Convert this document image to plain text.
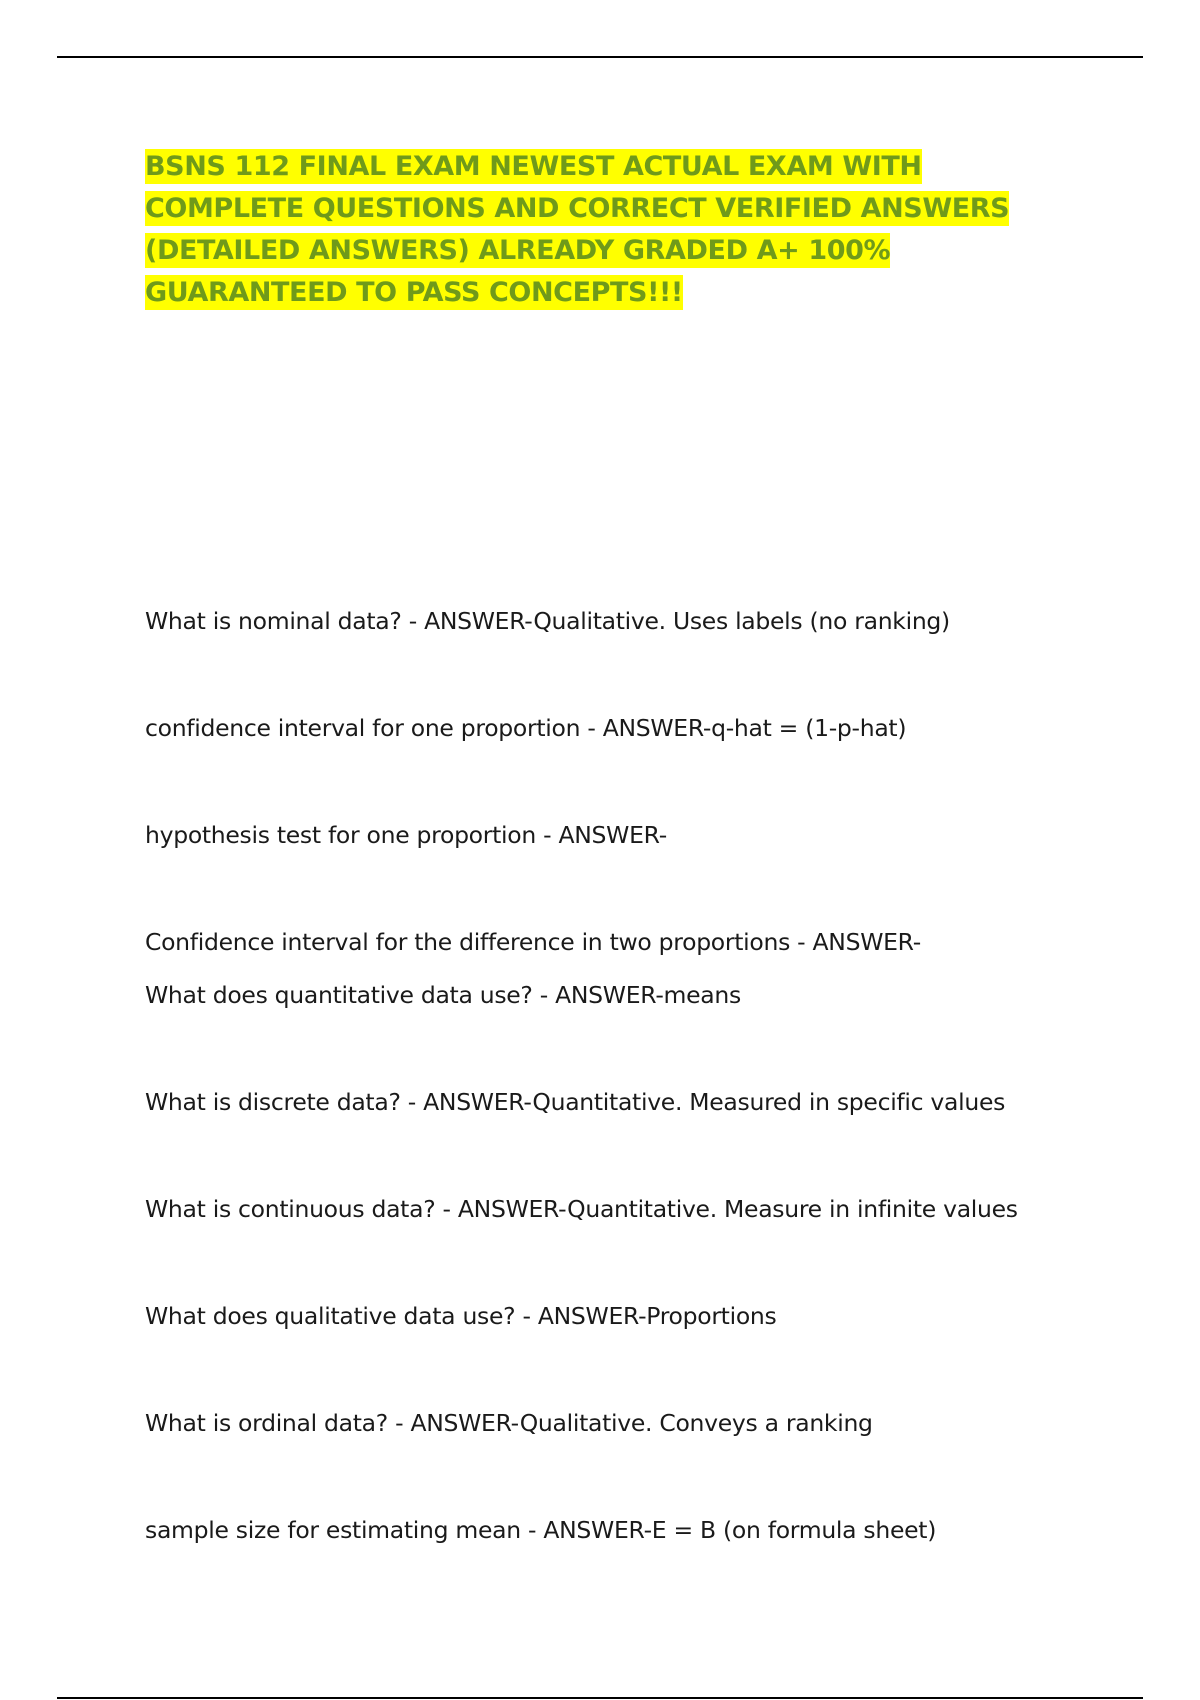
BSNS 112 FINAL EXAM NEWEST ACTUAL EXAM WITH COMPLETE QUESTIONS AND CORRECT VERIFIED ANSWERS (DETAILED ANSWERS) ALREADY GRADED A+ 100% GUARANTEED TO PASS CONCEPTS!!!

What is nominal data? - ANSWER-Qualitative. Uses labels (no ranking)

confidence interval for one proportion - ANSWER-q-hat = (1-p-hat)

hypothesis test for one proportion - ANSWER-

Confidence interval for the difference in two proportions - ANSWER-

What does quantitative data use? - ANSWER-means

What is discrete data? - ANSWER-Quantitative. Measured in specific values

What is continuous data? - ANSWER-Quantitative. Measure in infinite values

What does qualitative data use? - ANSWER-Proportions

What is ordinal data? - ANSWER-Qualitative. Conveys a ranking

sample size for estimating mean - ANSWER-E = B (on formula sheet)
